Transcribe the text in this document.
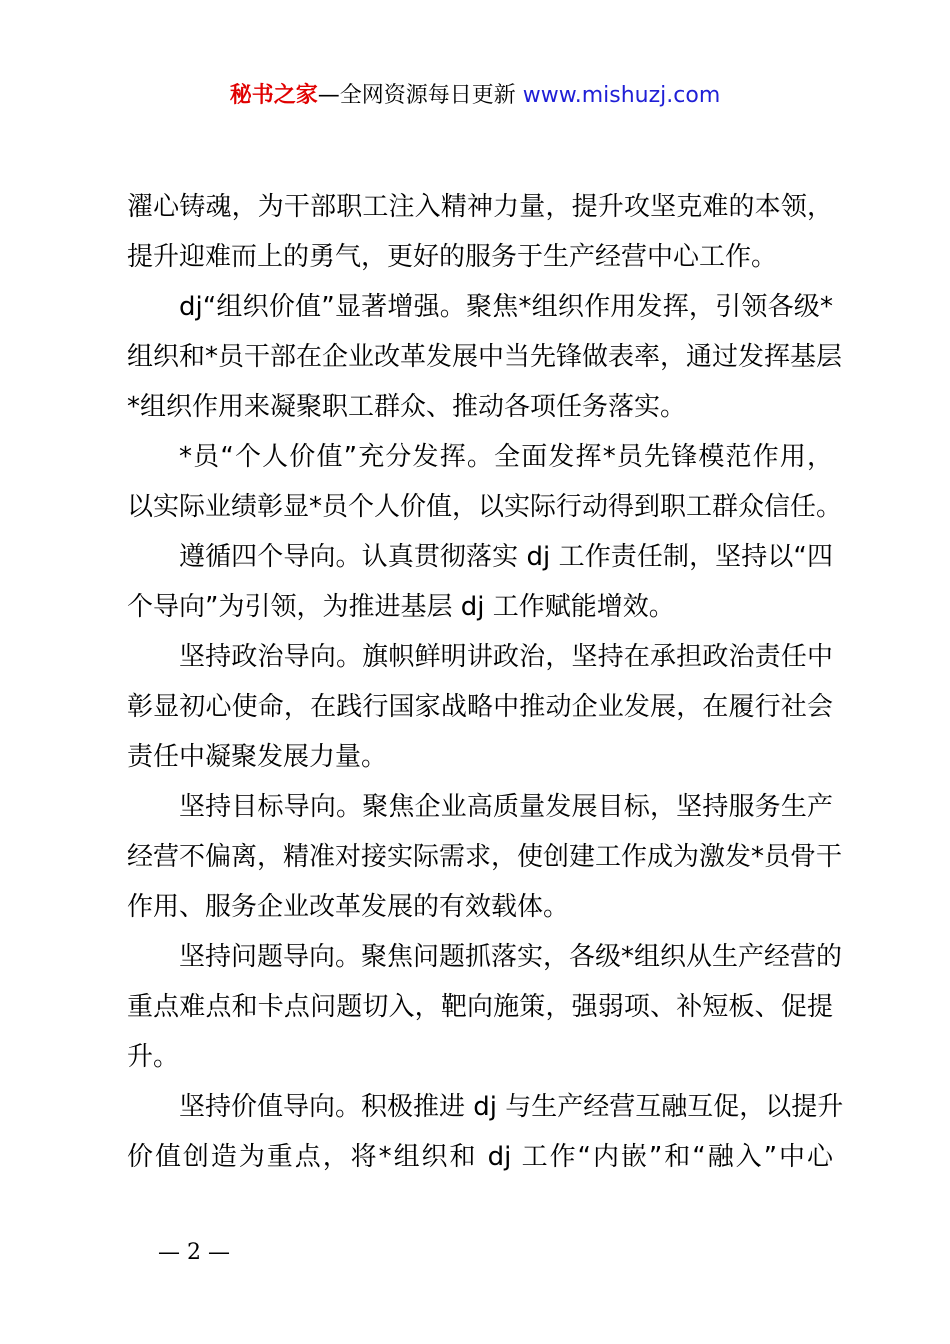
秘书之家—全网资源每日更新 www.mishuzj.com
濯心铸魂，为干部职工注入精神力量，提升攻坚克难的本领，
提升迎难而上的勇气，更好的服务于生产经营中心工作。
dj“组织价值”显著增强。聚焦*组织作用发挥，引领各级*
组织和*员干部在企业改革发展中当先锋做表率，通过发挥基层
*组织作用来凝聚职工群众、推动各项任务落实。
*员“个人价值”充分发挥。全面发挥*员先锋模范作用，
以实际业绩彰显*员个人价值，以实际行动得到职工群众信任。
遵循四个导向。认真贯彻落实 dj 工作责任制，坚持以“四
个导向”为引领，为推进基层 dj 工作赋能增效。
坚持政治导向。旗帜鲜明讲政治，坚持在承担政治责任中
彰显初心使命，在践行国家战略中推动企业发展，在履行社会
责任中凝聚发展力量。
坚持目标导向。聚焦企业高质量发展目标，坚持服务生产
经营不偏离，精准对接实际需求，使创建工作成为激发*员骨干
作用、服务企业改革发展的有效载体。
坚持问题导向。聚焦问题抓落实，各级*组织从生产经营的
重点难点和卡点问题切入，靶向施策，强弱项、补短板、促提
升。
坚持价值导向。积极推进 dj 与生产经营互融互促，以提升
价值创造为重点，将*组织和 dj 工作“内嵌”和“融入”中心
— 2 —
